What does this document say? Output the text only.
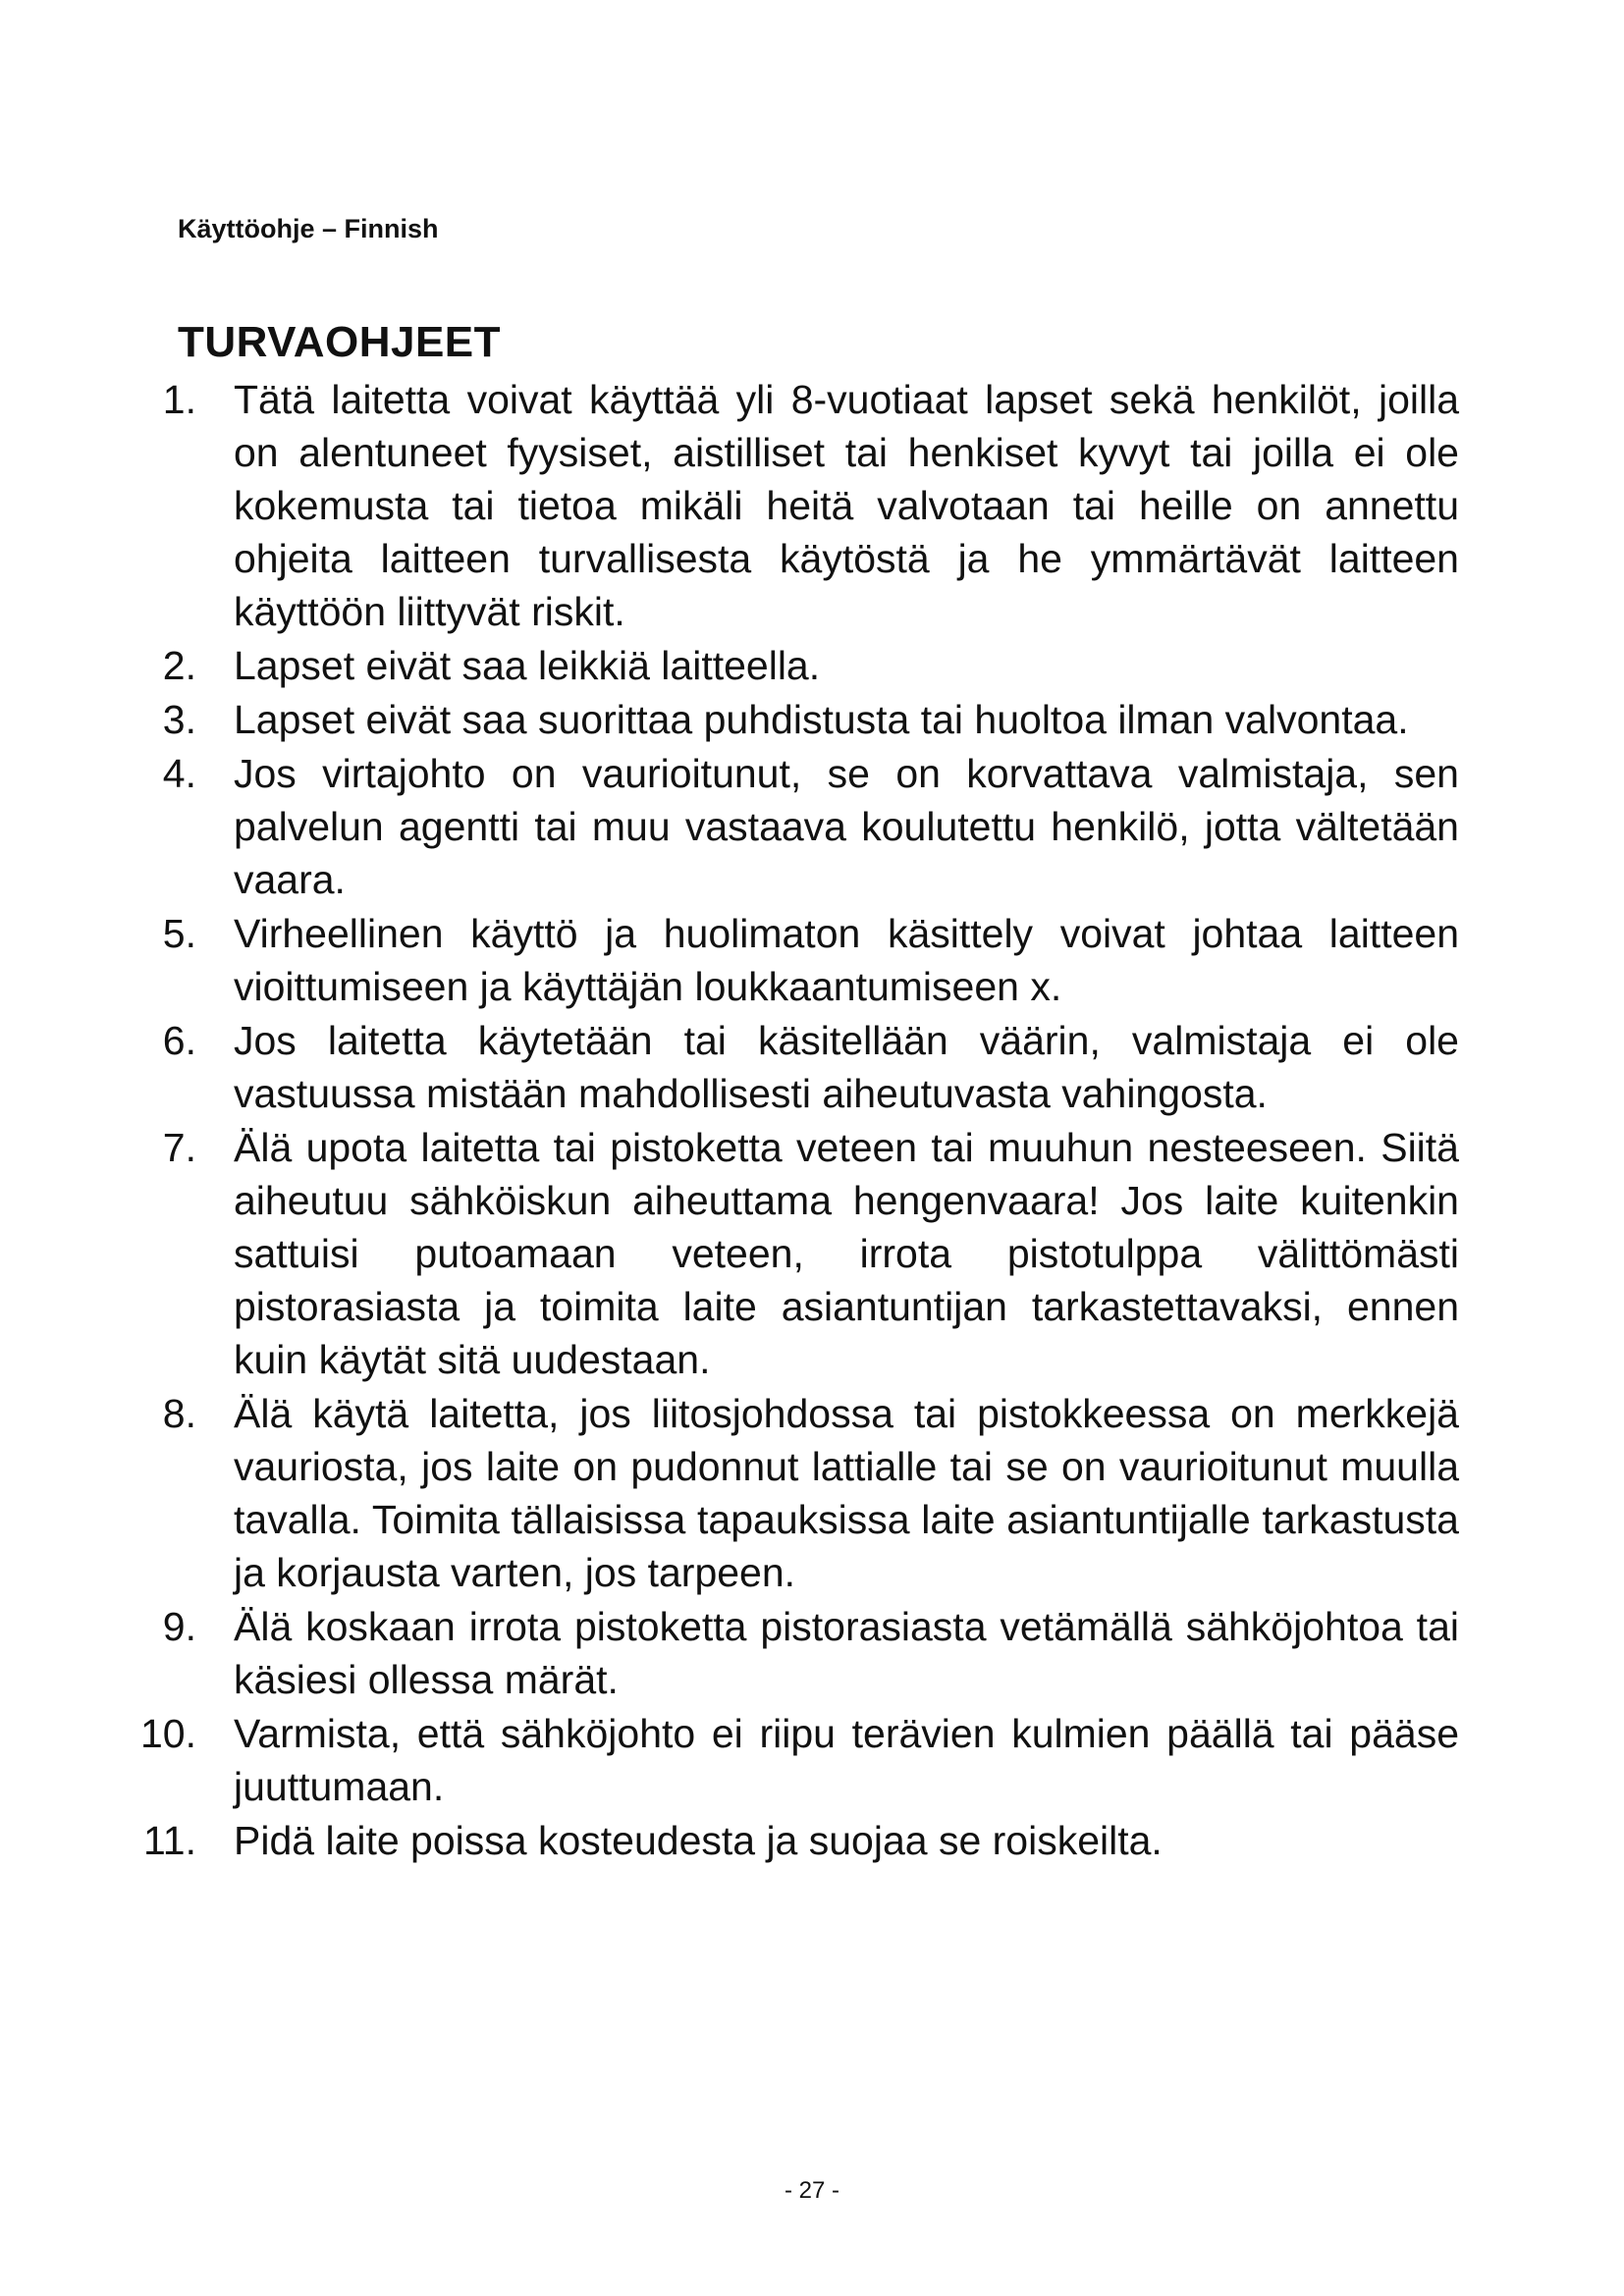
Käyttöohje – Finnish
TURVAOHJEET
1. Tätä laitetta voivat käyttää yli 8-vuotiaat lapset sekä henkilöt, joilla on alentuneet fyysiset, aistilliset tai henkiset kyvyt tai joilla ei ole kokemusta tai tietoa mikäli heitä valvotaan tai heille on annettu ohjeita laitteen turvallisesta käytöstä ja he ymmärtävät laitteen käyttöön liittyvät riskit.
2. Lapset eivät saa leikkiä laitteella.
3. Lapset eivät saa suorittaa puhdistusta tai huoltoa ilman valvontaa.
4. Jos virtajohto on vaurioitunut, se on korvattava valmistaja, sen palvelun agentti tai muu vastaava koulutettu henkilö, jotta vältetään vaara.
5. Virheellinen käyttö ja huolimaton käsittely voivat johtaa laitteen vioittumiseen ja käyttäjän loukkaantumiseen x.
6. Jos laitetta käytetään tai käsitellään väärin, valmistaja ei ole vastuussa mistään mahdollisesti aiheutuvasta vahingosta.
7. Älä upota laitetta tai pistoketta veteen tai muuhun nesteeseen. Siitä aiheutuu sähköiskun aiheuttama hengenvaara! Jos laite kuitenkin sattuisi putoamaan veteen, irrota pistotulppa välittömästi pistorasiasta ja toimita laite asiantuntijan tarkastettavaksi, ennen kuin käytät sitä uudestaan.
8. Älä käytä laitetta, jos liitosjohdossa tai pistokkeessa on merkkejä vauriosta, jos laite on pudonnut lattialle tai se on vaurioitunut muulla tavalla. Toimita tällaisissa tapauksissa laite asiantuntijalle tarkastusta ja korjausta varten, jos tarpeen.
9. Älä koskaan irrota pistoketta pistorasiasta vetämällä sähköjohtoa tai käsiesi ollessa märät.
10. Varmista, että sähköjohto ei riipu terävien kulmien päällä tai pääse juuttumaan.
11. Pidä laite poissa kosteudesta ja suojaa se roiskeilta.
- 27 -
